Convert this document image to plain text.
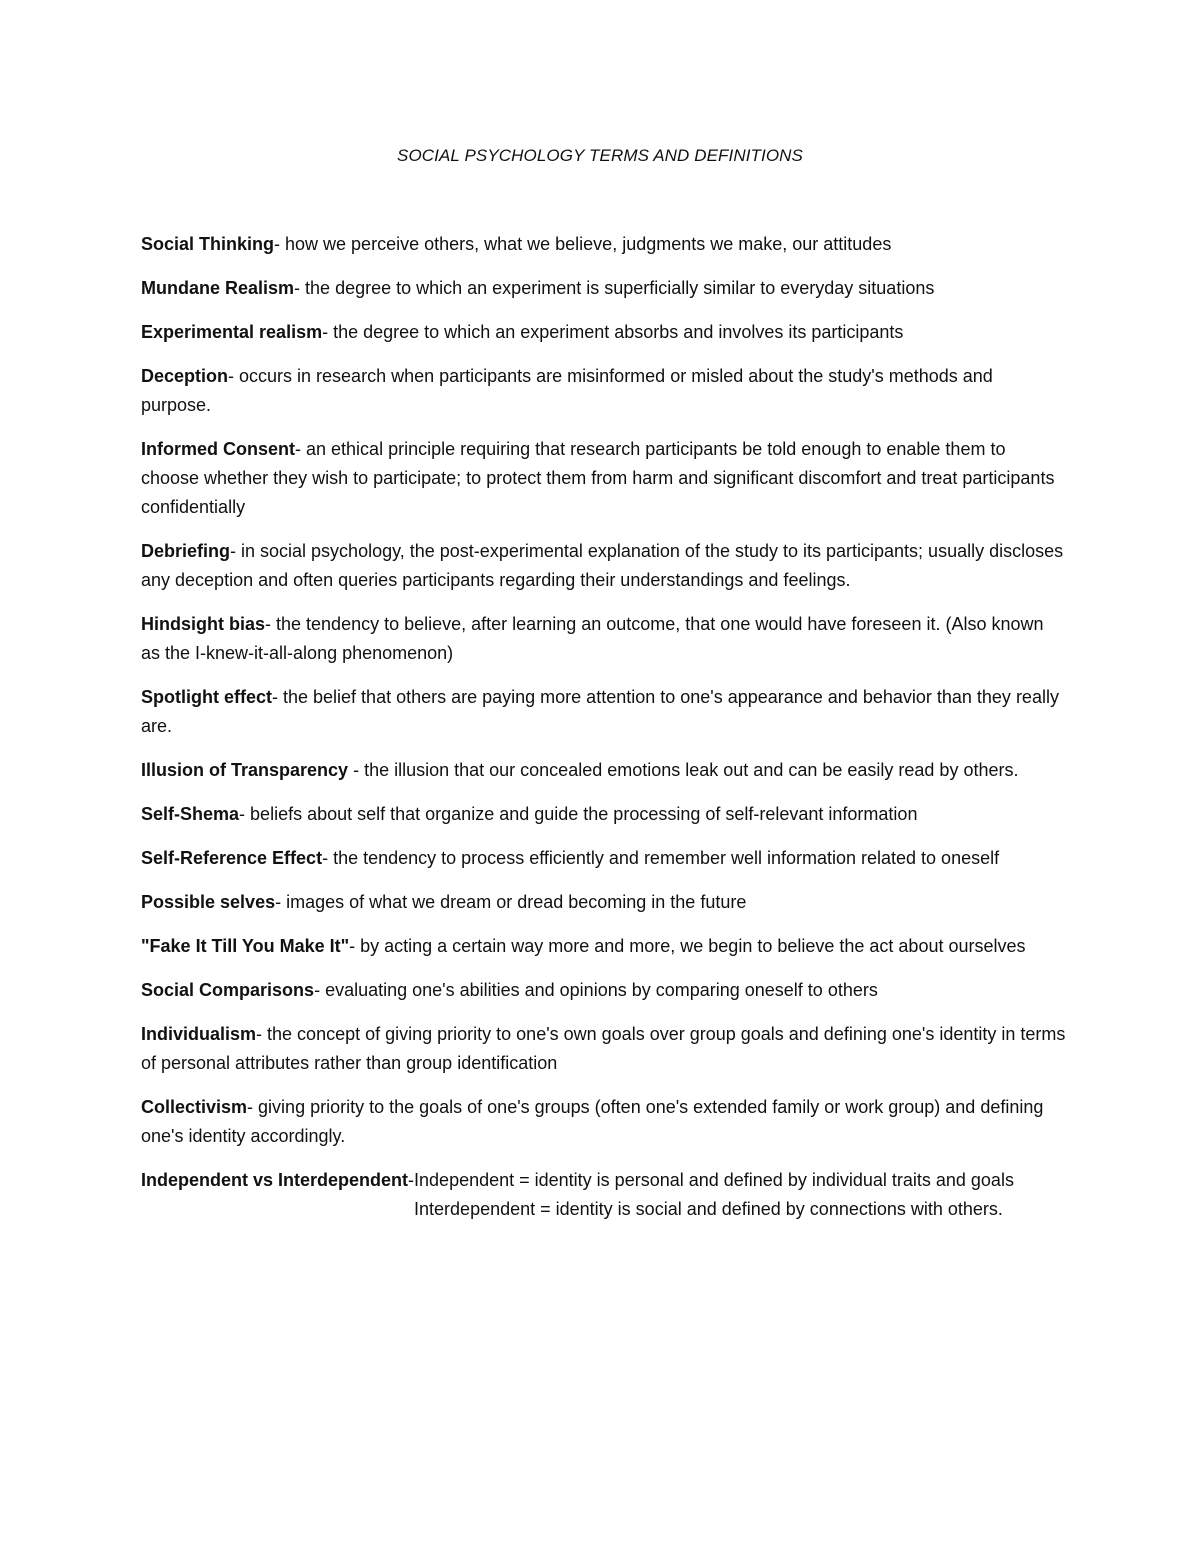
SOCIAL PSYCHOLOGY TERMS AND DEFINITIONS

Social Thinking- how we perceive others, what we believe, judgments we make, our attitudes

Mundane Realism- the degree to which an experiment is superficially similar to everyday situations

Experimental realism- the degree to which an experiment absorbs and involves its participants

Deception- occurs in research when participants are misinformed or misled about the study's methods and purpose.

Informed Consent- an ethical principle requiring that research participants be told enough to enable them to choose whether they wish to participate; to protect them from harm and significant discomfort and treat participants confidentially

Debriefing- in social psychology, the post-experimental explanation of the study to its participants; usually discloses any deception and often queries participants regarding their understandings and feelings.

Hindsight bias- the tendency to believe, after learning an outcome, that one would have foreseen it. (Also known as the I-knew-it-all-along phenomenon)

Spotlight effect- the belief that others are paying more attention to one's appearance and behavior than they really are.

Illusion of Transparency - the illusion that our concealed emotions leak out and can be easily read by others.

Self-Shema- beliefs about self that organize and guide the processing of self-relevant information

Self-Reference Effect- the tendency to process efficiently and remember well information related to oneself

Possible selves- images of what we dream or dread becoming in the future

"Fake It Till You Make It"- by acting a certain way more and more, we begin to believe the act about ourselves

Social Comparisons- evaluating one's abilities and opinions by comparing oneself to others

Individualism- the concept of giving priority to one's own goals over group goals and defining one's identity in terms of personal attributes rather than group identification

Collectivism- giving priority to the goals of one's groups (often one's extended family or work group) and defining one's identity accordingly.

Independent vs Interdependent - Independent = identity is personal and defined by individual traits and goals

Interdependent = identity is social and defined by connections with others.
